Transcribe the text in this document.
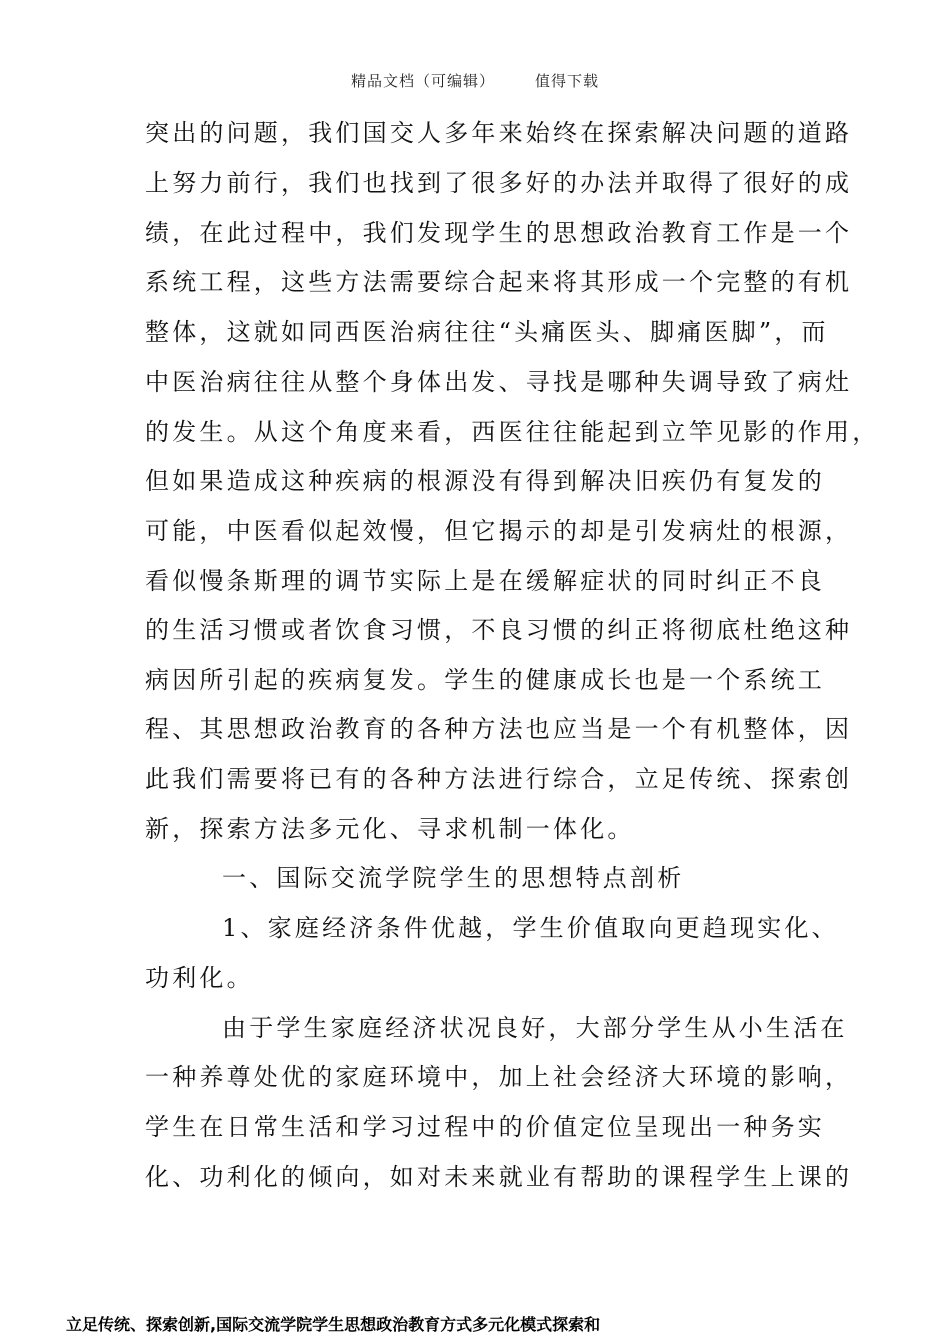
精品文档（可编辑）	值得下载
突出的问题，我们国交人多年来始终在探索解决问题的道路
上努力前行，我们也找到了很多好的办法并取得了很好的成
绩，在此过程中，我们发现学生的思想政治教育工作是一个
系统工程，这些方法需要综合起来将其形成一个完整的有机
整体，这就如同西医治病往往“头痛医头、脚痛医脚”，而
中医治病往往从整个身体出发、寻找是哪种失调导致了病灶
的发生。从这个角度来看，西医往往能起到立竿见影的作用，
但如果造成这种疾病的根源没有得到解决旧疾仍有复发的
可能，中医看似起效慢，但它揭示的却是引发病灶的根源，
看似慢条斯理的调节实际上是在缓解症状的同时纠正不良
的生活习惯或者饮食习惯，不良习惯的纠正将彻底杜绝这种
病因所引起的疾病复发。学生的健康成长也是一个系统工
程、其思想政治教育的各种方法也应当是一个有机整体，因
此我们需要将已有的各种方法进行综合，立足传统、探索创
新，探索方法多元化、寻求机制一体化。
一、国际交流学院学生的思想特点剖析
1、家庭经济条件优越，学生价值取向更趋现实化、
功利化。
由于学生家庭经济状况良好，大部分学生从小生活在
一种养尊处优的家庭环境中，加上社会经济大环境的影响，
学生在日常生活和学习过程中的价值定位呈现出一种务实
化、功利化的倾向，如对未来就业有帮助的课程学生上课的
立足传统、探索创新,国际交流学院学生思想政治教育方式多元化模式探索和
